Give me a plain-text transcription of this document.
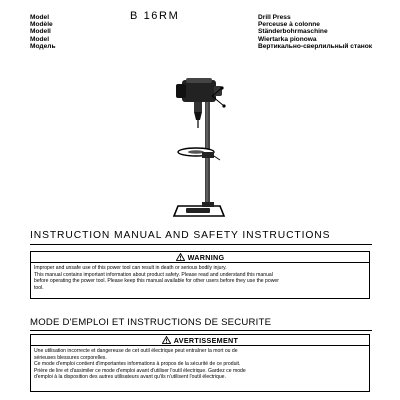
Model
Modèle
Modell
Model
Модель
B 16RM	Drill Press
Perceuse à colonne
Ständerbohrmaschine
Wiertarka pionowa
Вертикально-сверлильный станок
INSTRUCTION MANUAL AND SAFETY INSTRUCTIONS
WARNING
Improper and unsafe use of this power tool can result in death or serious bodily injury.
This manual contains important information about product safety. Please read and understand this manual
before operating the power tool. Please keep this manual available for other users before they use the power
tool.
MODE D'EMPLOI ET INSTRUCTIONS DE SECURITE
AVERTISSEMENT
Une utilisation incorrecte et dangereuse de cet outil électrique peut entraîner la mort ou de
sérieuses blessures corporelles.
Ce mode d'emploi contient d'importantes informations à propos de la sécurité de ce produit.
Prière de lire et d'assimiler ce mode d'emploi avant d'utiliser l'outil électrique. Gardez ce mode
d'emploi à la disposition des autres utilisateurs avant qu'ils n'utilisent l'outil électrique.
